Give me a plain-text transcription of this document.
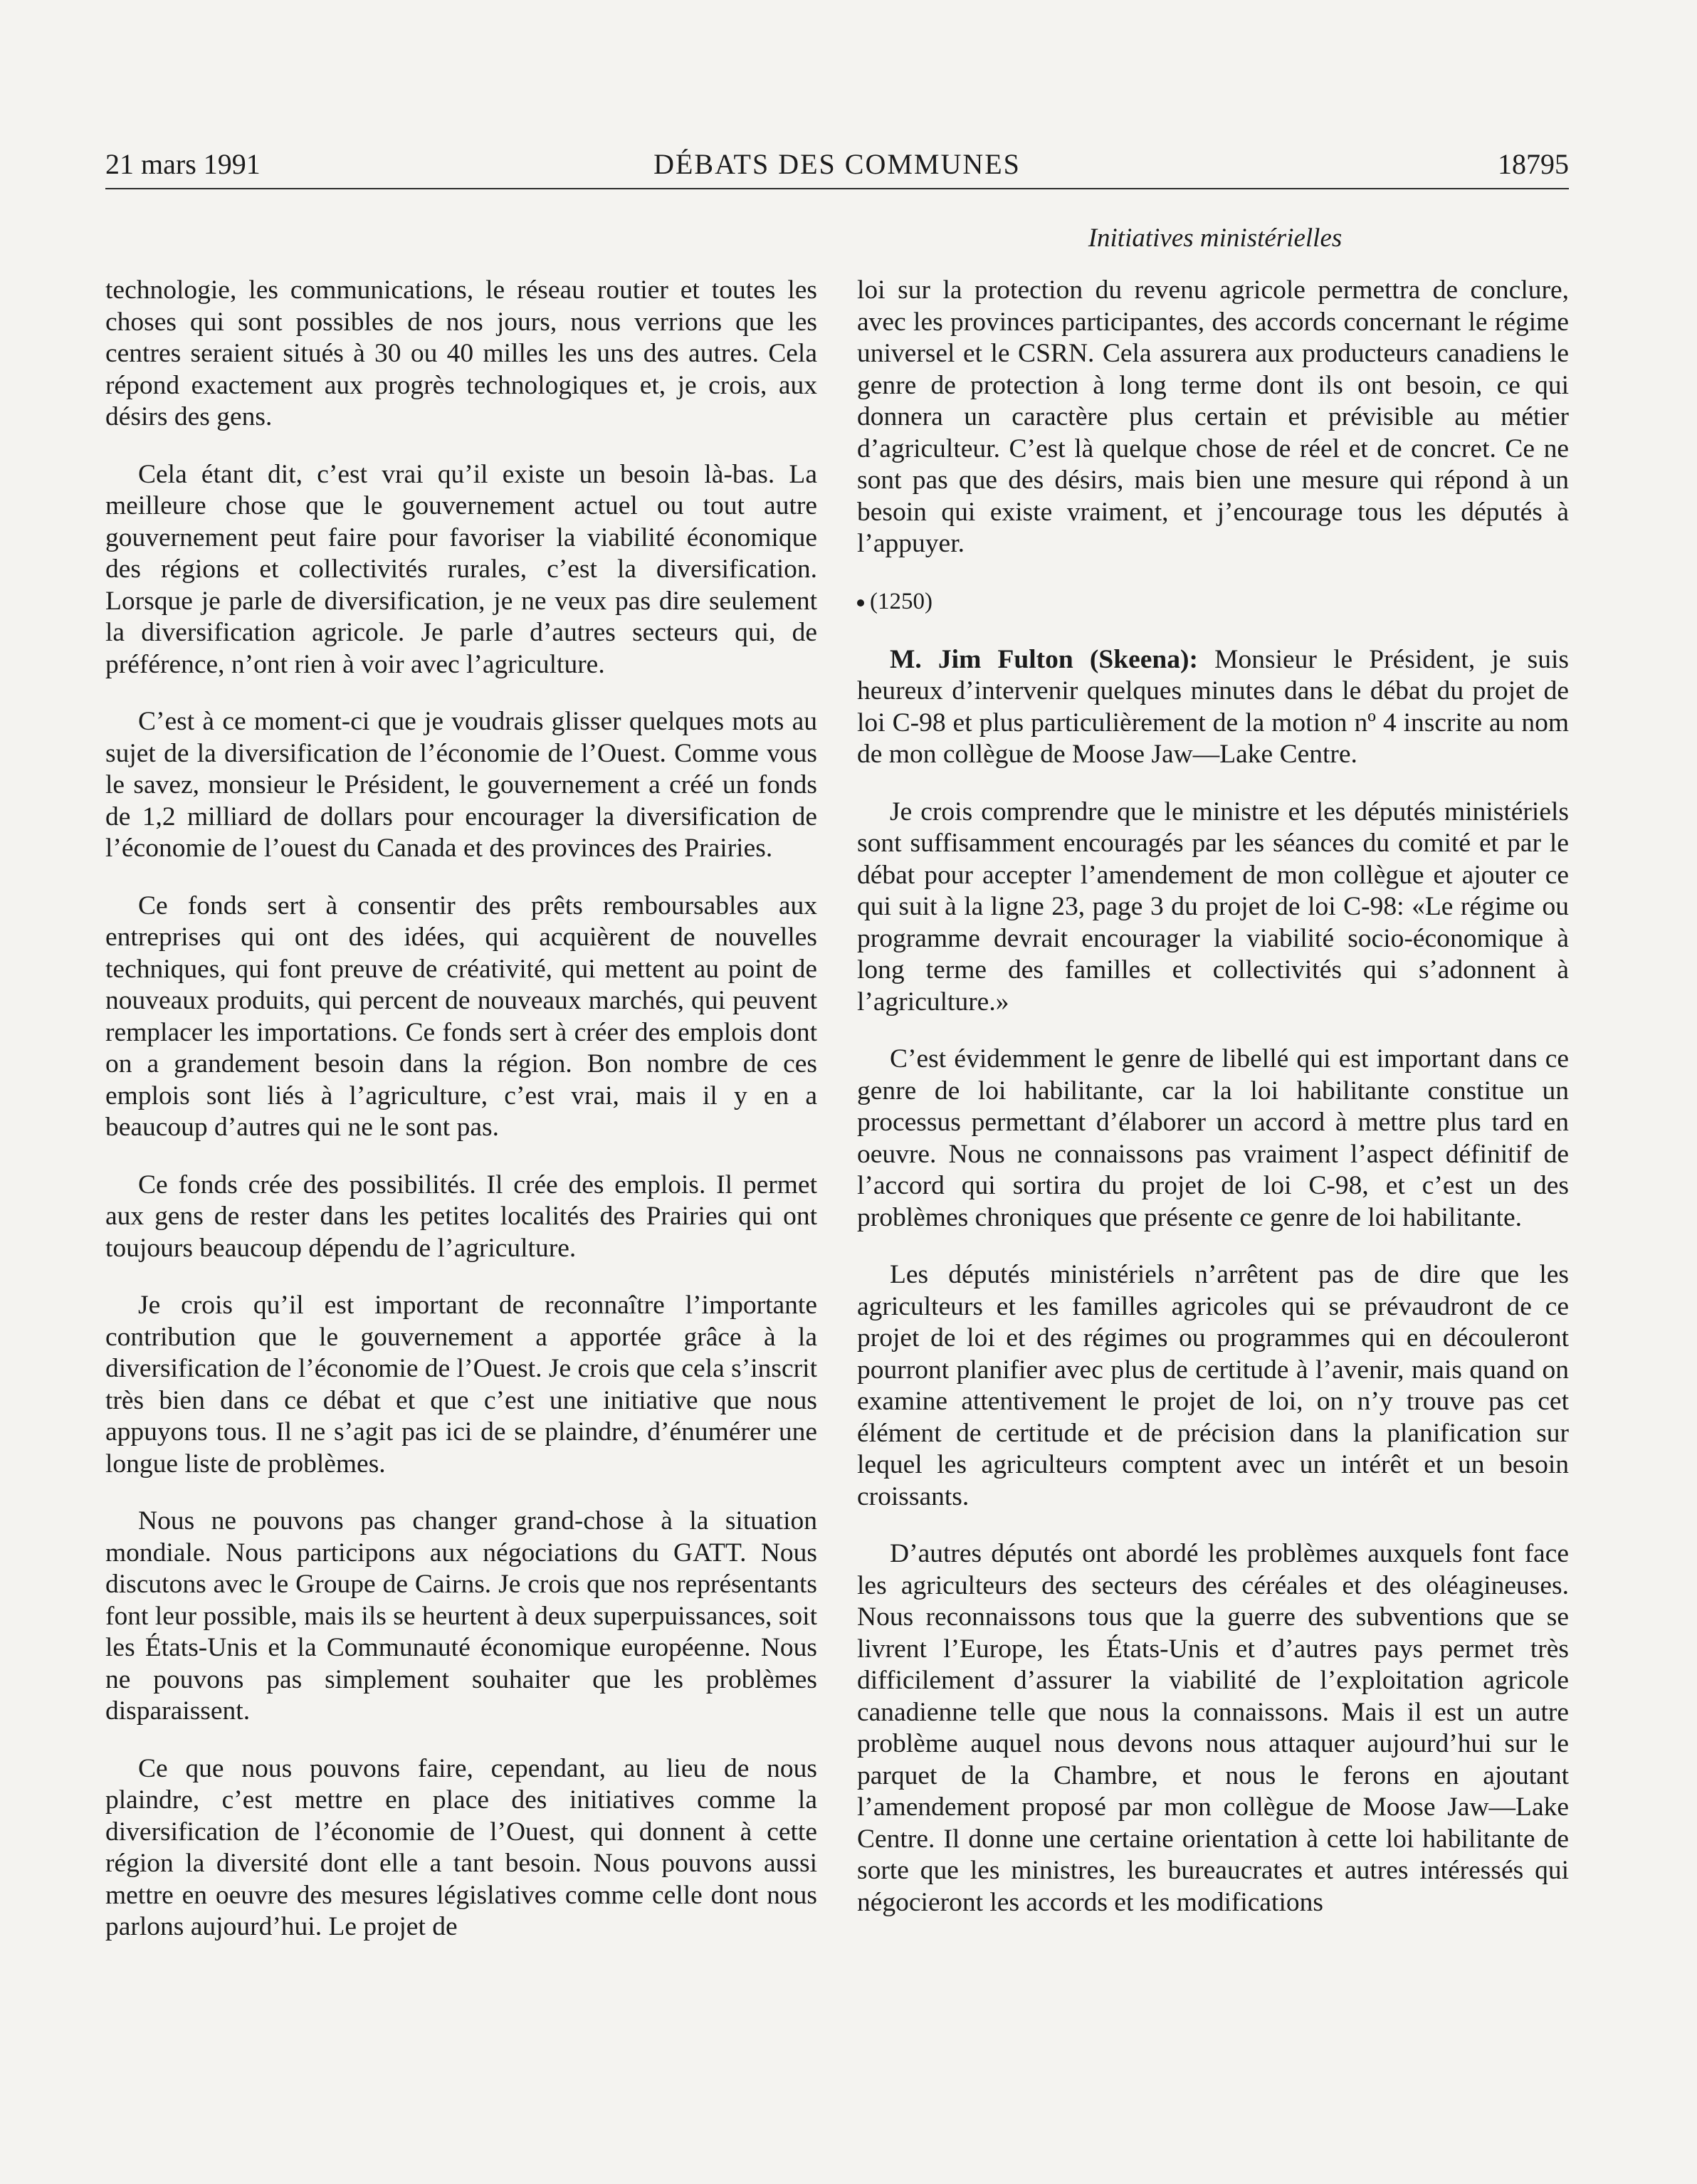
21 mars 1991	DÉBATS DES COMMUNES	18795
Initiatives ministérielles

technologie, les communications, le réseau routier et toutes les choses qui sont possibles de nos jours, nous verrions que les centres seraient situés à 30 ou 40 milles les uns des autres. Cela répond exactement aux progrès technologiques et, je crois, aux désirs des gens.

Cela étant dit, c’est vrai qu’il existe un besoin là-bas. La meilleure chose que le gouvernement actuel ou tout autre gouvernement peut faire pour favoriser la viabilité économique des régions et collectivités rurales, c’est la diversification. Lorsque je parle de diversification, je ne veux pas dire seulement la diversification agricole. Je parle d’autres secteurs qui, de préférence, n’ont rien à voir avec l’agriculture.

C’est à ce moment-ci que je voudrais glisser quelques mots au sujet de la diversification de l’économie de l’Ouest. Comme vous le savez, monsieur le Président, le gouvernement a créé un fonds de 1,2 milliard de dollars pour encourager la diversification de l’économie de l’ouest du Canada et des provinces des Prairies.

Ce fonds sert à consentir des prêts remboursables aux entreprises qui ont des idées, qui acquièrent de nouvelles techniques, qui font preuve de créativité, qui mettent au point de nouveaux produits, qui percent de nouveaux marchés, qui peuvent remplacer les importations. Ce fonds sert à créer des emplois dont on a grandement besoin dans la région. Bon nombre de ces emplois sont liés à l’agriculture, c’est vrai, mais il y en a beaucoup d’autres qui ne le sont pas.

Ce fonds crée des possibilités. Il crée des emplois. Il permet aux gens de rester dans les petites localités des Prairies qui ont toujours beaucoup dépendu de l’agriculture.

Je crois qu’il est important de reconnaître l’importante contribution que le gouvernement a apportée grâce à la diversification de l’économie de l’Ouest. Je crois que cela s’inscrit très bien dans ce débat et que c’est une initiative que nous appuyons tous. Il ne s’agit pas ici de se plaindre, d’énumérer une longue liste de problèmes.

Nous ne pouvons pas changer grand-chose à la situation mondiale. Nous participons aux négociations du GATT. Nous discutons avec le Groupe de Cairns. Je crois que nos représentants font leur possible, mais ils se heurtent à deux superpuissances, soit les États-Unis et la Communauté économique européenne. Nous ne pouvons pas simplement souhaiter que les problèmes disparaissent.

Ce que nous pouvons faire, cependant, au lieu de nous plaindre, c’est mettre en place des initiatives comme la diversification de l’économie de l’Ouest, qui donnent à cette région la diversité dont elle a tant besoin. Nous pouvons aussi mettre en oeuvre des mesures législatives comme celle dont nous parlons aujourd’hui. Le projet de

loi sur la protection du revenu agricole permettra de conclure, avec les provinces participantes, des accords concernant le régime universel et le CSRN. Cela assurera aux producteurs canadiens le genre de protection à long terme dont ils ont besoin, ce qui donnera un caractère plus certain et prévisible au métier d’agriculteur. C’est là quelque chose de réel et de concret. Ce ne sont pas que des désirs, mais bien une mesure qui répond à un besoin qui existe vraiment, et j’encourage tous les députés à l’appuyer.

(1250)

M. Jim Fulton (Skeena): Monsieur le Président, je suis heureux d’intervenir quelques minutes dans le débat du projet de loi C-98 et plus particulièrement de la motion nº 4 inscrite au nom de mon collègue de Moose Jaw—Lake Centre.

Je crois comprendre que le ministre et les députés ministériels sont suffisamment encouragés par les séances du comité et par le débat pour accepter l’amendement de mon collègue et ajouter ce qui suit à la ligne 23, page 3 du projet de loi C-98: «Le régime ou programme devrait encourager la viabilité socio-économique à long terme des familles et collectivités qui s’adonnent à l’agriculture.»

C’est évidemment le genre de libellé qui est important dans ce genre de loi habilitante, car la loi habilitante constitue un processus permettant d’élaborer un accord à mettre plus tard en oeuvre. Nous ne connaissons pas vraiment l’aspect définitif de l’accord qui sortira du projet de loi C-98, et c’est un des problèmes chroniques que présente ce genre de loi habilitante.

Les députés ministériels n’arrêtent pas de dire que les agriculteurs et les familles agricoles qui se prévaudront de ce projet de loi et des régimes ou programmes qui en découleront pourront planifier avec plus de certitude à l’avenir, mais quand on examine attentivement le projet de loi, on n’y trouve pas cet élément de certitude et de précision dans la planification sur lequel les agriculteurs comptent avec un intérêt et un besoin croissants.

D’autres députés ont abordé les problèmes auxquels font face les agriculteurs des secteurs des céréales et des oléagineuses. Nous reconnaissons tous que la guerre des subventions que se livrent l’Europe, les États-Unis et d’autres pays permet très difficilement d’assurer la viabilité de l’exploitation agricole canadienne telle que nous la connaissons. Mais il est un autre problème auquel nous devons nous attaquer aujourd’hui sur le parquet de la Chambre, et nous le ferons en ajoutant l’amendement proposé par mon collègue de Moose Jaw—Lake Centre. Il donne une certaine orientation à cette loi habilitante de sorte que les ministres, les bureaucrates et autres intéressés qui négocieront les accords et les modifications
